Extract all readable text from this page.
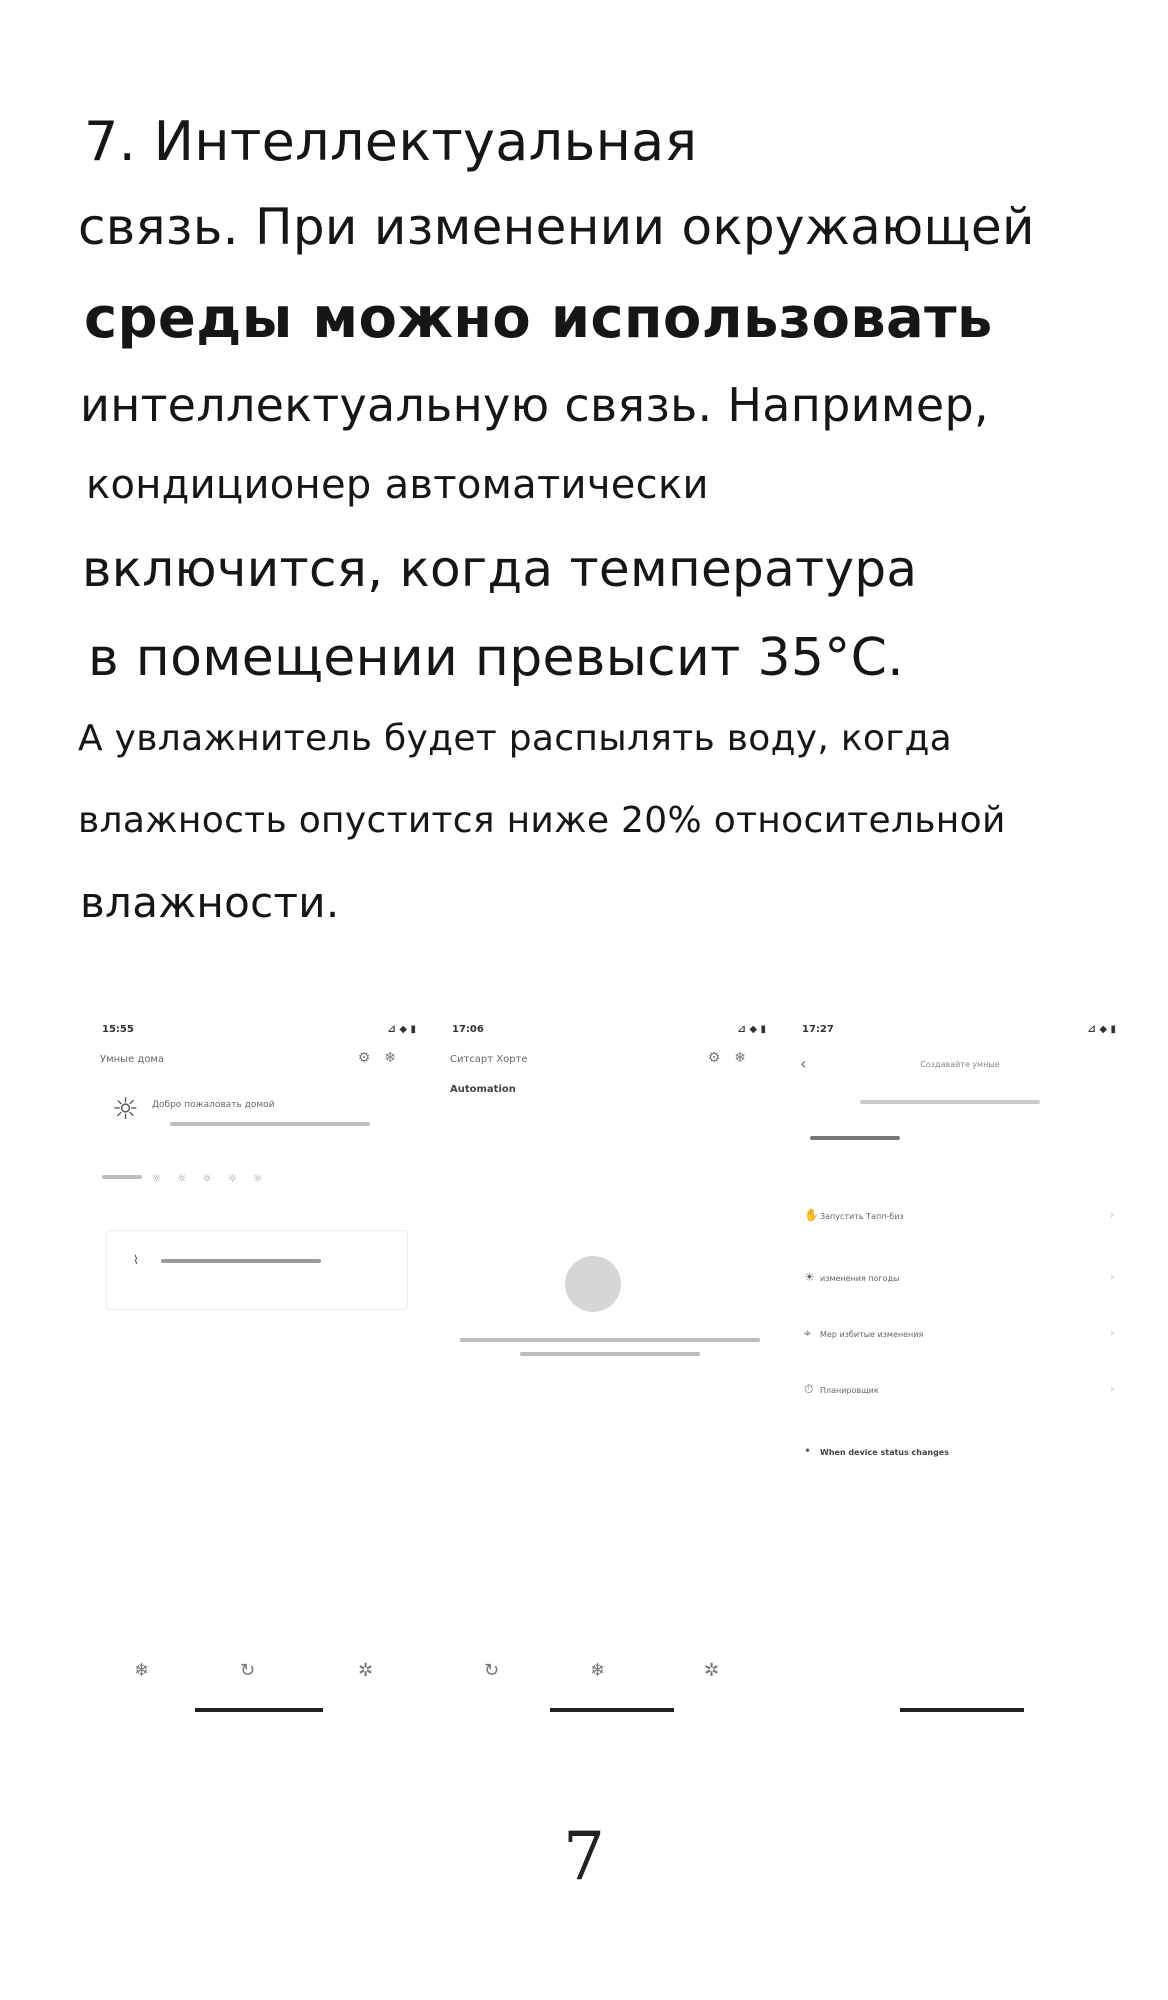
7. Интеллектуальная
связь. При изменении окружающей
среды можно использовать
интеллектуальную связь. Например,
кондиционер автоматически
включится, когда температура
в помещении превысит 35°С.
А увлажнитель будет распылять воду, когда
влажность опустится ниже 20% относительной
влажности.
15:55	⊿ ◆ ▮
Умные дома	⚙❄
☼ Добро пожаловать домой
☼ ☼ ☼ ☼ ☼
⌇
❄	↻	✲
17:06	⊿ ◆ ▮
Ситсарт Хорте	⚙❄
Automation
↻	❄	✲
17:27	⊿ ◆ ▮
‹	Создавайте умные
✋ Запустить Тапп-биз	›
☀ изменения погоды	›
⌖ Мер избитые изменения	›
⏱ Планировщик	›
• When device status changes
7
